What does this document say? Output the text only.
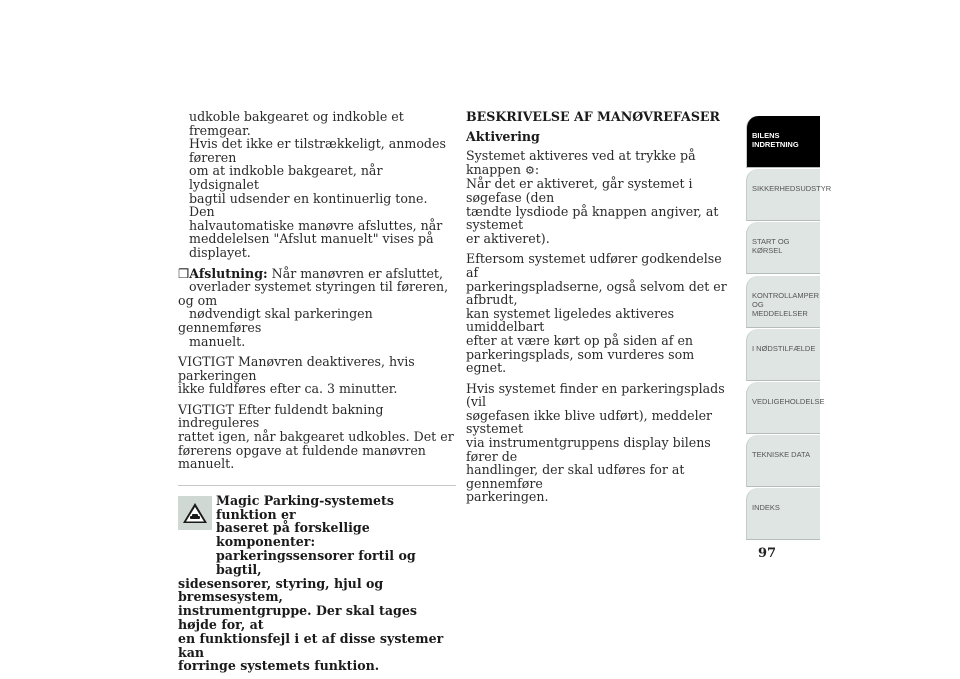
udkoble bakgearet og indkoble et fremgear.
Hvis det ikke er tilstrækkeligt, anmodes føreren
om at indkoble bakgearet, når lydsignalet
bagtil udsender en kontinuerlig tone. Den
halvautomatiske manøvre afsluttes, når
meddelelsen "Afslut manuelt" vises på
displayet.

❒Afslutning: Når manøvren er afsluttet,
overlader systemet styringen til føreren, og om
nødvendigt skal parkeringen gennemføres
manuelt.

VIGTIGT Manøvren deaktiveres, hvis parkeringen
ikke fuldføres efter ca. 3 minutter.

VIGTIGT Efter fuldendt bakning indreguleres
rattet igen, når bakgearet udkobles. Det er
førerens opgave at fuldende manøvren manuelt.

Magic Parking-systemets funktion er
baseret på forskellige komponenter:
parkeringssensorer fortil og bagtil,
sidesensorer, styring, hjul og bremsesystem,
instrumentgruppe. Der skal tages højde for, at
en funktionsfejl i et af disse systemer kan
forringe systemets funktion.

BESKRIVELSE AF MANØVREFASER

Aktivering

Systemet aktiveres ved at trykke på knappen ⚙:
Når det er aktiveret, går systemet i søgefase (den
tændte lysdiode på knappen angiver, at systemet
er aktiveret).

Eftersom systemet udfører godkendelse af
parkeringspladserne, også selvom det er afbrudt,
kan systemet ligeledes aktiveres umiddelbart
efter at være kørt op på siden af en
parkeringsplads, som vurderes som egnet.

Hvis systemet finder en parkeringsplads (vil
søgefasen ikke blive udført), meddeler systemet
via instrumentgruppens display bilens fører de
handlinger, der skal udføres for at gennemføre
parkeringen.

BILENS
INDRETNING
SIKKERHEDSUDSTYR
START OG KØRSEL
KONTROLLAMPER
OG MEDDELELSER
I NØDSTILFÆLDE
VEDLIGEHOLDELSE
TEKNISKE DATA
INDEKS
97
